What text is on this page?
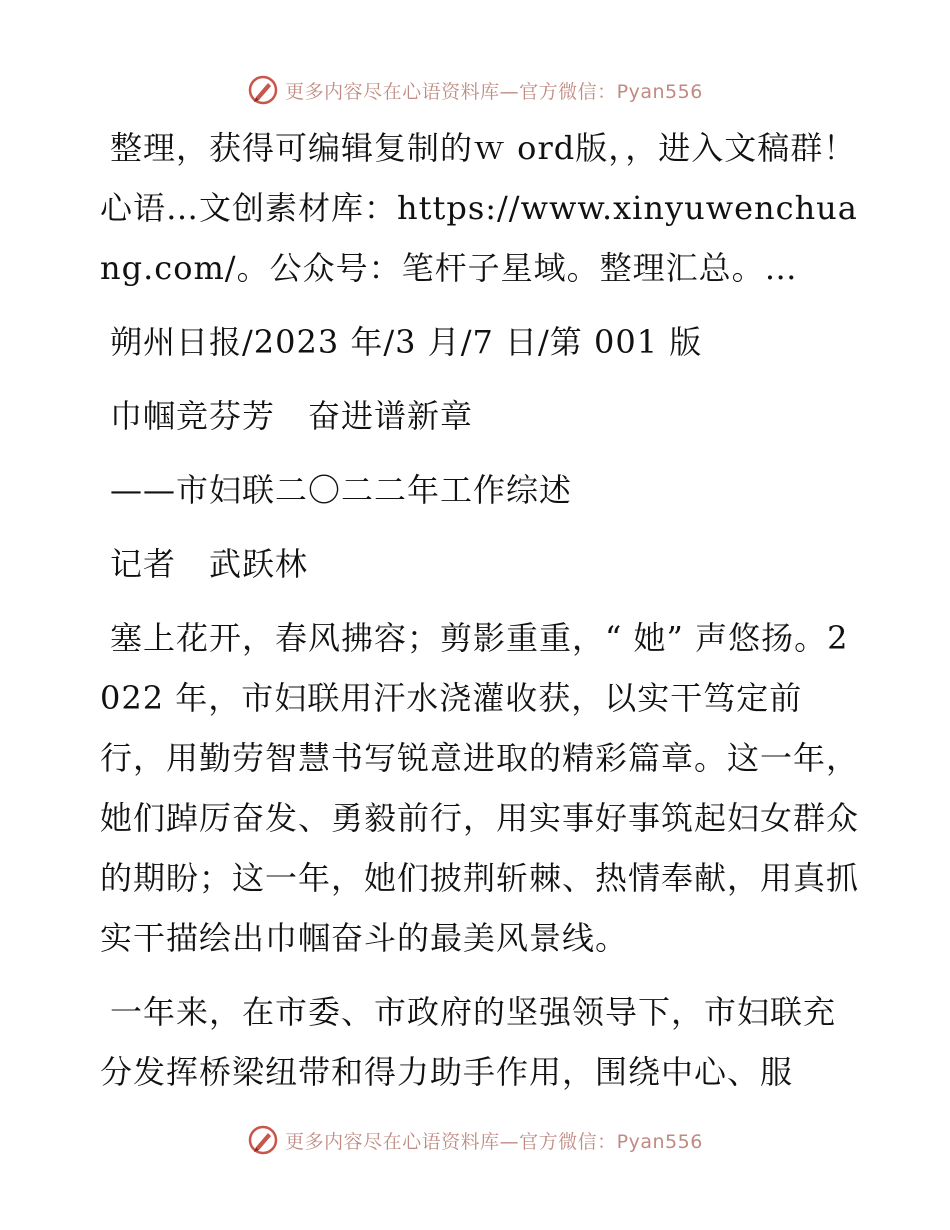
更多内容尽在心语资料库—官方微信：Pyan556

整理，获得可编辑复制的ｗ ord版，，进入文稿群！心语…文创素材库：https://www.xinyuwenchuang.com/。公众号：笔杆子星域。整理汇总。…

朔州日报/2023 年/3 月/7 日/第 001 版

巾帼竞芬芳　奋进谱新章

——市妇联二〇二二年工作综述

记者　武跃林

塞上花开，春风拂容；剪影重重，“ 她” 声悠扬。2022 年，市妇联用汗水浇灌收获，以实干笃定前行，用勤劳智慧书写锐意进取的精彩篇章。这一年，她们踔厉奋发、勇毅前行，用实事好事筑起妇女群众的期盼；这一年，她们披荆斩棘、热情奉献，用真抓实干描绘出巾帼奋斗的最美风景线。

一年来，在市委、市政府的坚强领导下，市妇联充分发挥桥梁纽带和得力助手作用，围绕中心、服

更多内容尽在心语资料库—官方微信：Pyan556
